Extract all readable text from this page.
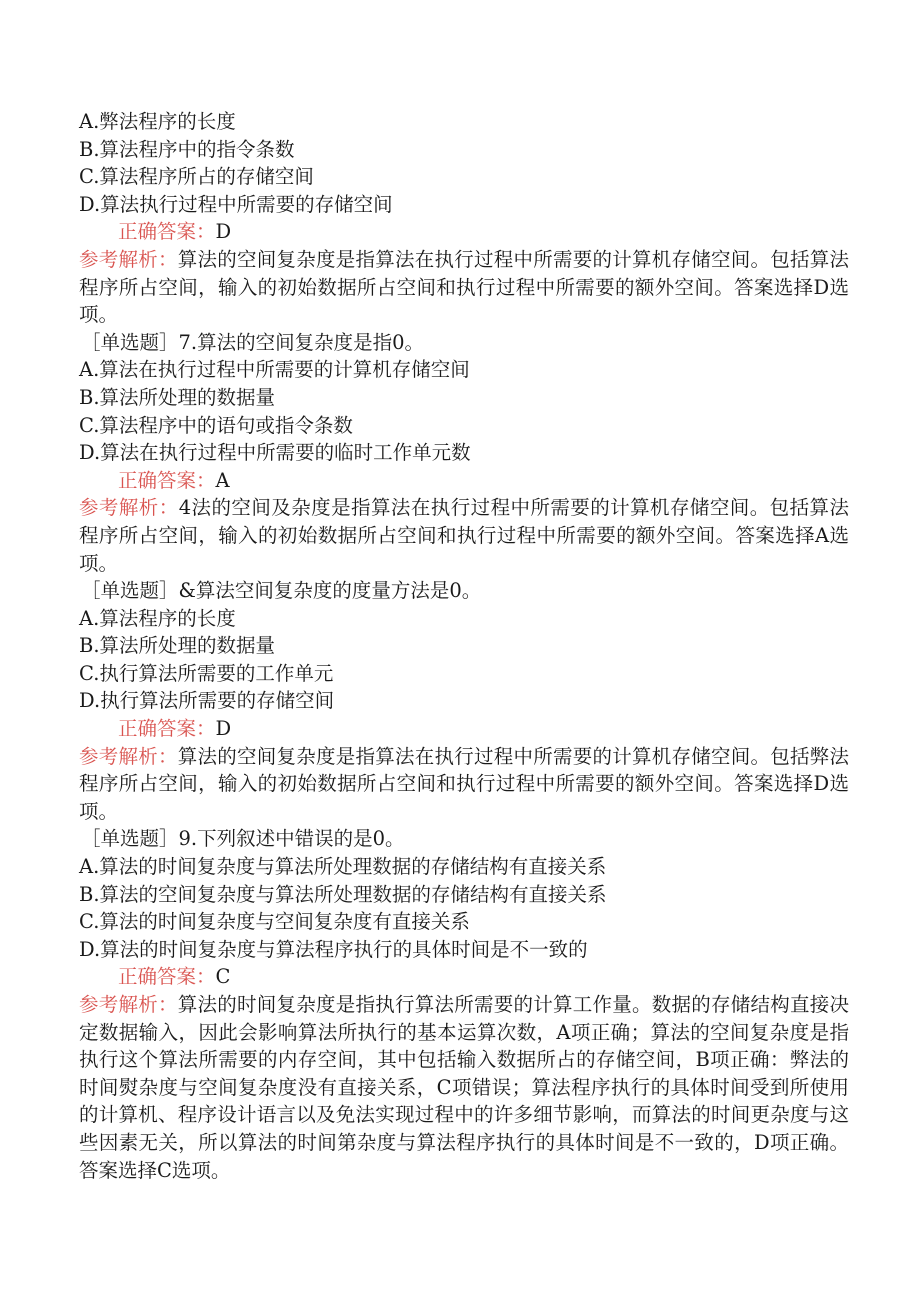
A.弊法程序的长度
B.算法程序中的指令条数
C.算法程序所占的存储空间
D.算法执行过程中所需要的存储空间
正确答案：D
参考解析：算法的空间复杂度是指算法在执行过程中所需要的计算机存储空间。包括算法程序所占空间，输入的初始数据所占空间和执行过程中所需要的额外空间。答案选择D选项。
［单选题］7.算法的空间复杂度是指0。
A.算法在执行过程中所需要的计算机存储空间
B.算法所处理的数据量
C.算法程序中的语句或指令条数
D.算法在执行过程中所需要的临时工作单元数
正确答案：A
参考解析：4法的空间及杂度是指算法在执行过程中所需要的计算机存储空间。包括算法程序所占空间，输入的初始数据所占空间和执行过程中所需要的额外空间。答案选择A选项。
［单选题］&算法空间复杂度的度量方法是0。
A.算法程序的长度
B.算法所处理的数据量
C.执行算法所需要的工作单元
D.执行算法所需要的存储空间
正确答案：D
参考解析：算法的空间复杂度是指算法在执行过程中所需要的计算机存储空间。包括弊法程序所占空间，输入的初始数据所占空间和执行过程中所需要的额外空间。答案选择D选项。
［单选题］9.下列叙述中错误的是0。
A.算法的时间复杂度与算法所处理数据的存储结构有直接关系
B.算法的空间复杂度与算法所处理数据的存储结构有直接关系
C.算法的时间复杂度与空间复杂度有直接关系
D.算法的时间复杂度与算法程序执行的具体时间是不一致的
正确答案：C
参考解析：算法的时间复杂度是指执行算法所需要的计算工作量。数据的存储结构直接决定数据输入，因此会影响算法所执行的基本运算次数，A项正确；算法的空间复杂度是指执行这个算法所需要的内存空间，其中包括输入数据所占的存储空间，B项正确：弊法的时间熨杂度与空间复杂度没有直接关系，C项错误；算法程序执行的具体时间受到所使用的计算机、程序设计语言以及免法实现过程中的许多细节影响，而算法的时间更杂度与这些因素无关，所以算法的时间第杂度与算法程序执行的具体时间是不一致的，D项正确。答案选择C选项。
